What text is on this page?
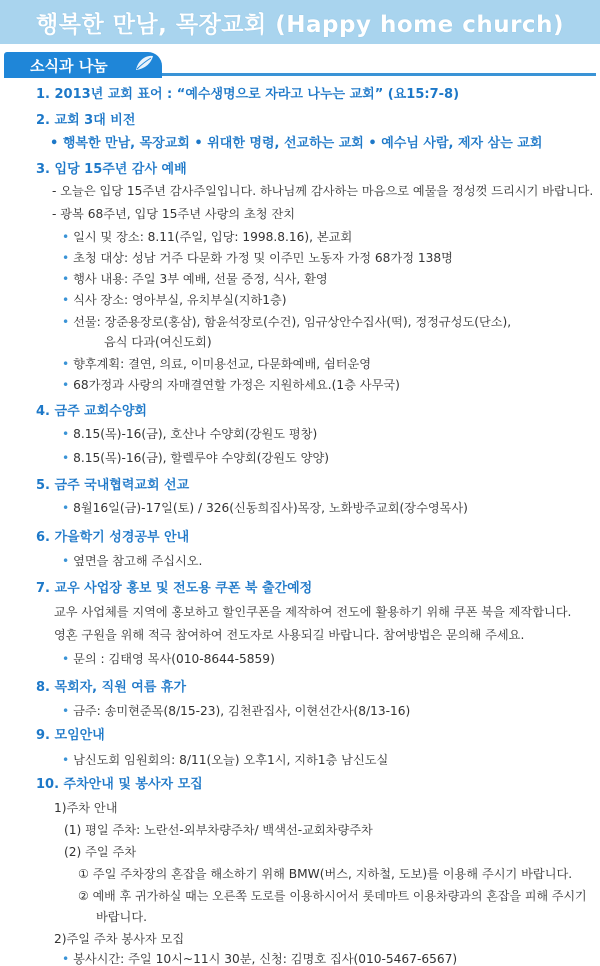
행복한 만남, 목장교회 (Happy home church)
소식과 나눔
1. 2013년 교회 표어 : “예수생명으로 자라고 나누는 교회” (요15:7-8)
2. 교회 3대 비전
• 행복한 만남, 목장교회 • 위대한 명령, 선교하는 교회 • 예수님 사람, 제자 삼는 교회
3. 입당 15주년 감사 예배
- 오늘은 입당 15주년 감사주일입니다. 하나님께 감사하는 마음으로 예물을 정성껏 드리시기 바랍니다.
- 광복 68주년, 입당 15주년 사랑의 초청 잔치
• 일시 및 장소: 8.11(주일, 입당: 1998.8.16), 본교회
• 초청 대상: 성남 거주 다문화 가정 및 이주민 노동자 가정 68가정 138명
• 행사 내용: 주일 3부 예배, 선물 증정, 식사, 환영
• 식사 장소: 영아부실, 유치부실(지하1층)
• 선물: 장준용장로(홍삼), 함윤석장로(수건), 임규상안수집사(떡), 정정규성도(단소),
음식 다과(여신도회)
• 향후계획: 결연, 의료, 이미용선교, 다문화예배, 쉼터운영
• 68가정과 사랑의 자매결연할 가정은 지원하세요.(1층 사무국)
4. 금주 교회수양회
• 8.15(목)-16(금), 호산나 수양회(강원도 평창)
• 8.15(목)-16(금), 할렐루야 수양회(강원도 양양)
5. 금주 국내협력교회 선교
• 8월16일(금)-17일(토) / 326(신동희집사)목장, 노화방주교회(장수영목사)
6. 가을학기 성경공부 안내
• 옆면을 참고해 주십시오.
7. 교우 사업장 홍보 및 전도용 쿠폰 북 출간예정
교우 사업체를 지역에 홍보하고 할인쿠폰을 제작하여 전도에 활용하기 위해 쿠폰 북을 제작합니다.
영혼 구원을 위해 적극 참여하여 전도자로 사용되길 바랍니다. 참여방법은 문의해 주세요.
• 문의 : 김태영 목사(010-8644-5859)
8. 목회자, 직원 여름 휴가
• 금주: 송미현준목(8/15-23), 김천관집사, 이현선간사(8/13-16)
9. 모임안내
• 남신도회 임원회의: 8/11(오늘) 오후1시, 지하1층 남신도실
10. 주차안내 및 봉사자 모집
1)주차 안내
(1) 평일 주차: 노란선-외부차량주차/ 백색선-교회차량주차
(2) 주일 주차
① 주일 주차장의 혼잡을 해소하기 위해 BMW(버스, 지하철, 도보)를 이용해 주시기 바랍니다.
② 예배 후 귀가하실 때는 오른쪽 도로를 이용하시어서 롯데마트 이용차량과의 혼잡을 피해 주시기
바랍니다.
2)주일 주차 봉사자 모집
• 봉사시간: 주일 10시~11시 30분, 신청: 김명호 집사(010-5467-6567)
